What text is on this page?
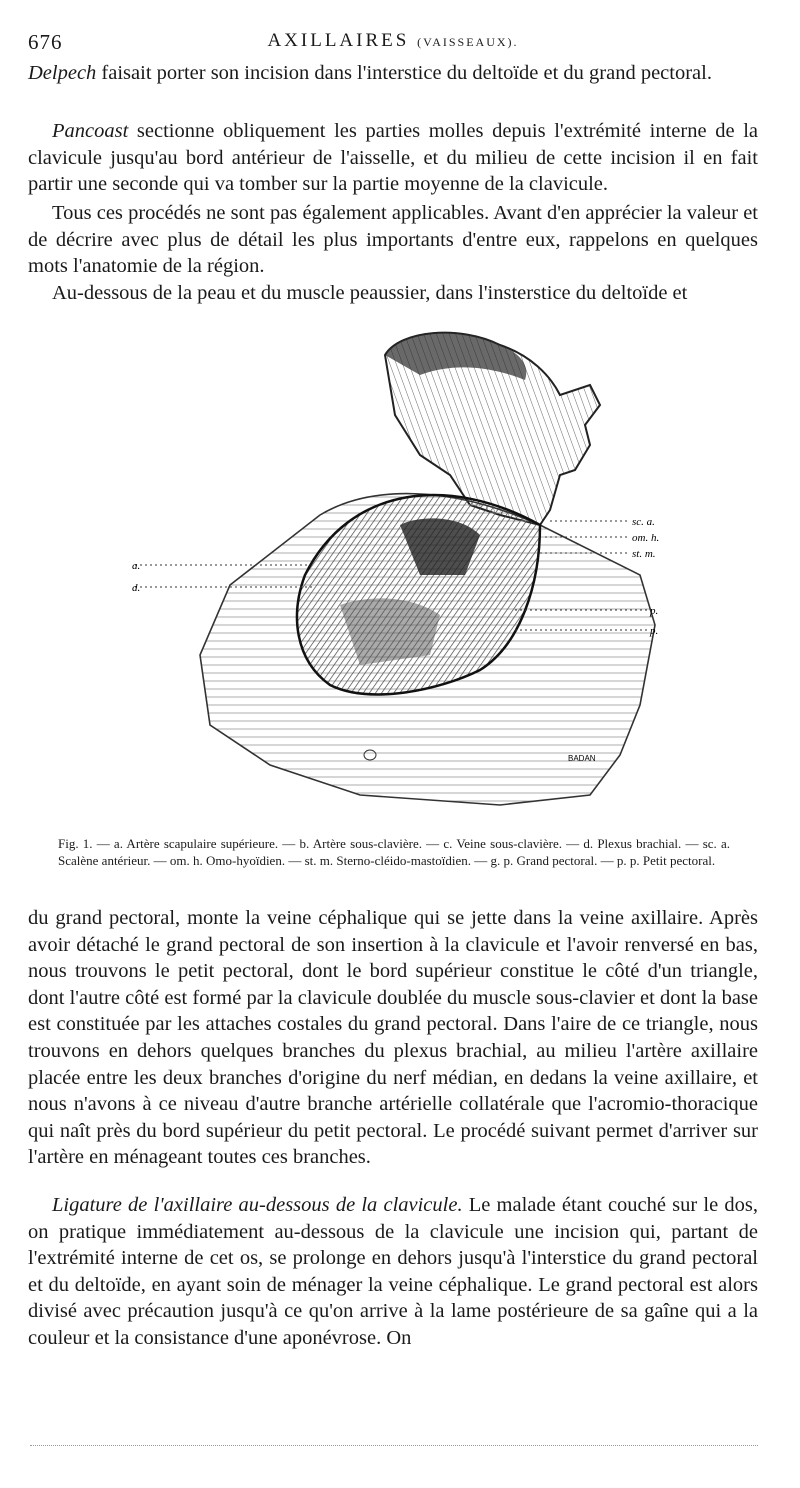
676	AXILLAIRES (VAISSEAUX).

Delpech faisait porter son incision dans l'interstice du deltoïde et du grand pectoral.

Pancoast sectionne obliquement les parties molles depuis l'extrémité interne de la clavicule jusqu'au bord antérieur de l'aisselle, et du milieu de cette incision il en fait partir une seconde qui va tomber sur la partie moyenne de la clavicule.

Tous ces procédés ne sont pas également applicables. Avant d'en apprécier la valeur et de décrire avec plus de détail les plus importants d'entre eux, rappelons en quelques mots l'anatomie de la région.

Au-dessous de la peau et du muscle peaussier, dans l'insterstice du deltoïde et

a.
d.
sc. a.
om. h.
st. m.
p.
p.
BADAN

Fig. 1. — a. Artère scapulaire supérieure. — b. Artère sous-clavière. — c. Veine sous-clavière. — d. Plexus brachial. — sc. a. Scalène antérieur. — om. h. Omo-hyoïdien. — st. m. Sterno-cléido-mastoïdien. — g. p. Grand pectoral. — p. p. Petit pectoral.

du grand pectoral, monte la veine céphalique qui se jette dans la veine axillaire. Après avoir détaché le grand pectoral de son insertion à la clavicule et l'avoir renversé en bas, nous trouvons le petit pectoral, dont le bord supérieur constitue le côté d'un triangle, dont l'autre côté est formé par la clavicule doublée du muscle sous-clavier et dont la base est constituée par les attaches costales du grand pectoral. Dans l'aire de ce triangle, nous trouvons en dehors quelques branches du plexus brachial, au milieu l'artère axillaire placée entre les deux branches d'origine du nerf médian, en dedans la veine axillaire, et nous n'avons à ce niveau d'autre branche artérielle collatérale que l'acromio-thoracique qui naît près du bord supérieur du petit pectoral. Le procédé suivant permet d'arriver sur l'artère en ménageant toutes ces branches.

Ligature de l'axillaire au-dessous de la clavicule. Le malade étant couché sur le dos, on pratique immédiatement au-dessous de la clavicule une incision qui, partant de l'extrémité interne de cet os, se prolonge en dehors jusqu'à l'interstice du grand pectoral et du deltoïde, en ayant soin de ménager la veine céphalique. Le grand pectoral est alors divisé avec précaution jusqu'à ce qu'on arrive à la lame postérieure de sa gaîne qui a la couleur et la consistance d'une aponévrose. On
